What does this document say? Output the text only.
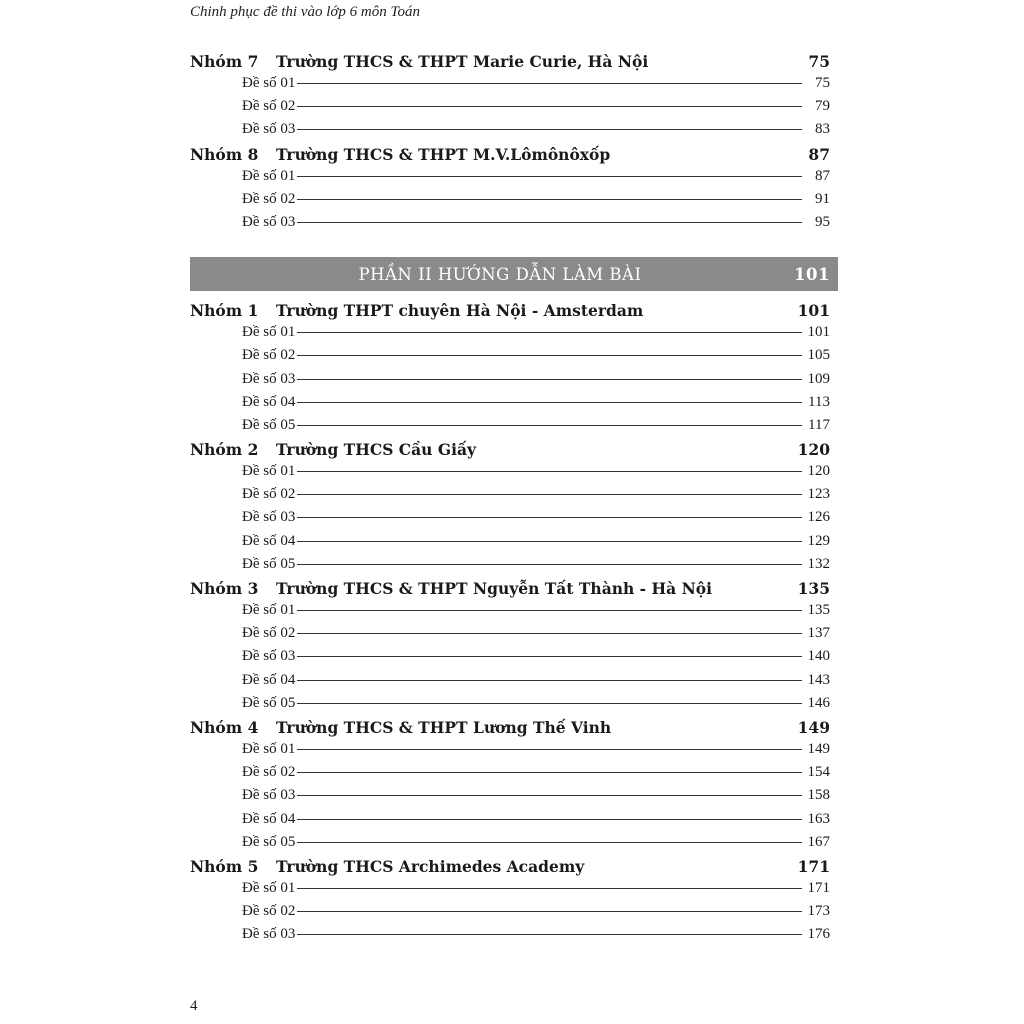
Chinh phục đề thi vào lớp 6 môn Toán
Nhóm 7	Trường THCS & THPT Marie Curie, Hà Nội	75
Đề số 01	75
Đề số 02	79
Đề số 03	83
Nhóm 8	Trường THCS & THPT M.V.Lômônôxốp	87
Đề số 01	87
Đề số 02	91
Đề số 03	95
PHẦN II HƯỚNG DẪN LÀM BÀI	101
Nhóm 1	Trường THPT chuyên Hà Nội - Amsterdam	101
Đề số 01	101
Đề số 02	105
Đề số 03	109
Đề số 04	113
Đề số 05	117
Nhóm 2	Trường THCS Cầu Giấy	120
Đề số 01	120
Đề số 02	123
Đề số 03	126
Đề số 04	129
Đề số 05	132
Nhóm 3	Trường THCS & THPT Nguyễn Tất Thành - Hà Nội	135
Đề số 01	135
Đề số 02	137
Đề số 03	140
Đề số 04	143
Đề số 05	146
Nhóm 4	Trường THCS & THPT Lương Thế Vinh	149
Đề số 01	149
Đề số 02	154
Đề số 03	158
Đề số 04	163
Đề số 05	167
Nhóm 5	Trường THCS Archimedes Academy	171
Đề số 01	171
Đề số 02	173
Đề số 03	176
4
